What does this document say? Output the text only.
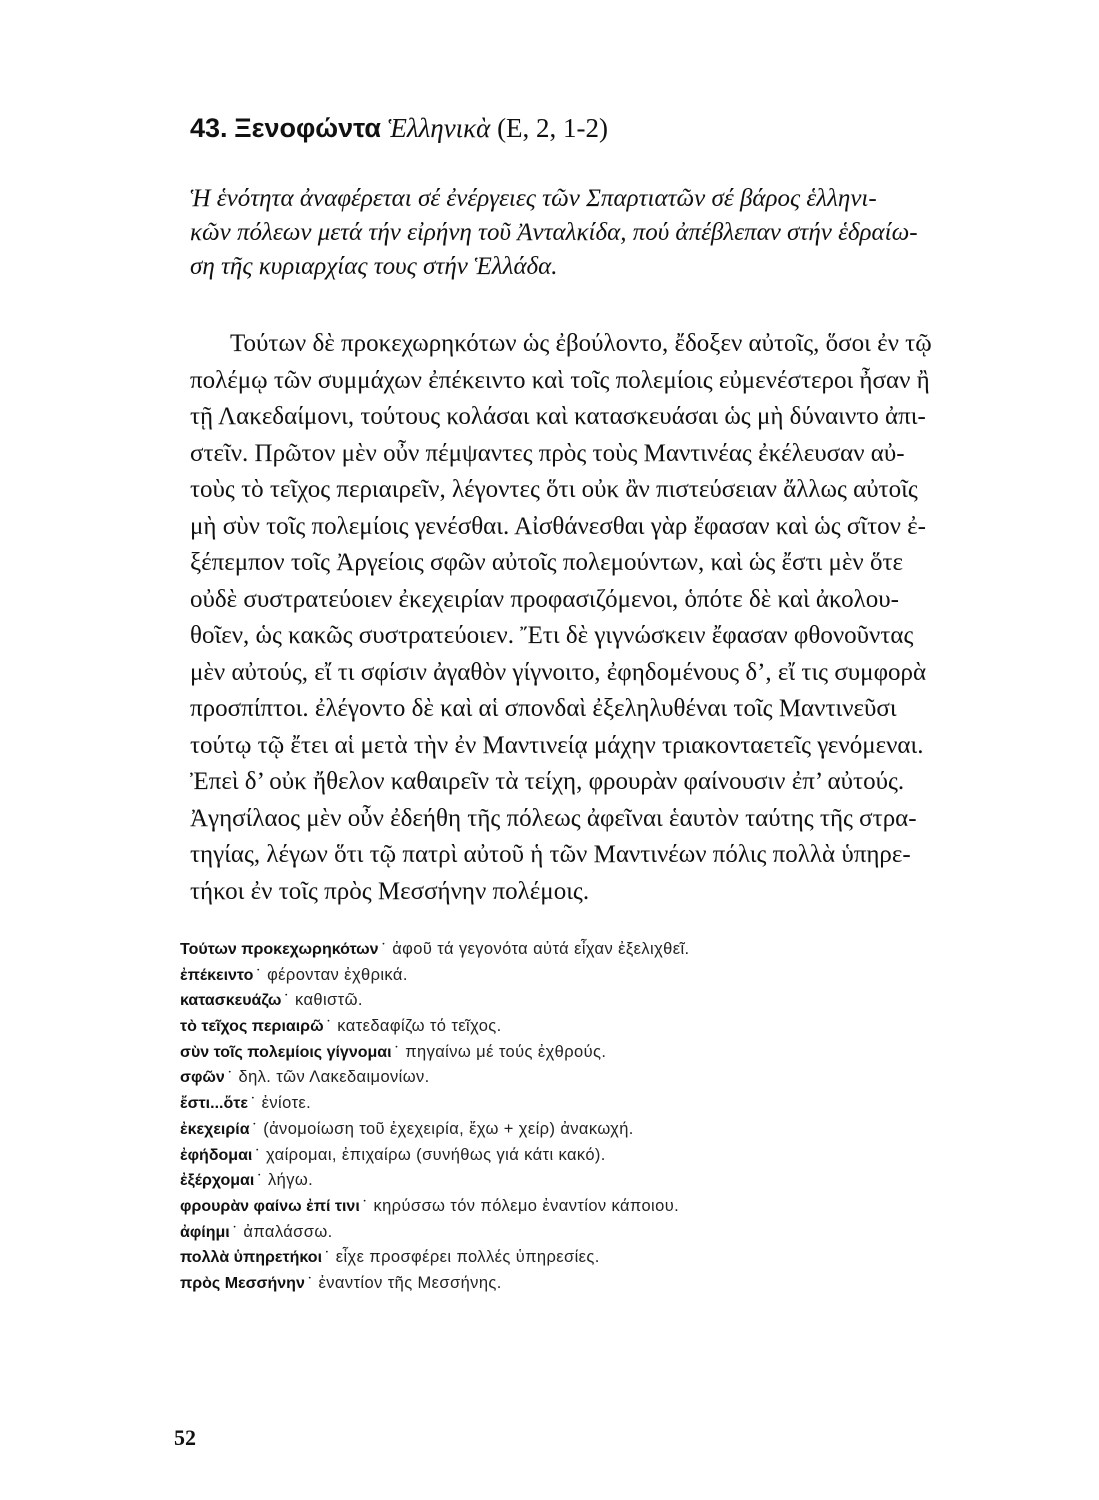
43. Ξενοφώντα Ἑλληνικὰ (Ε, 2, 1-2)
Ἡ ἑνότητα ἀναφέρεται σέ ἐνέργειες τῶν Σπαρτιατῶν σέ βάρος ἑλληνι-
κῶν πόλεων μετά τήν εἰρήνη τοῦ Ἀνταλκίδα, πού ἀπέβλεπαν στήν ἑδραίω-
ση τῆς κυριαρχίας τους στήν Ἑλλάδα.
Τούτων δὲ προκεχωρηκότων ὡς ἐβούλοντο, ἔδοξεν αὐτοῖς, ὅσοι ἐν τῷ
πολέμῳ τῶν συμμάχων ἐπέκειντο καὶ τοῖς πολεμίοις εὐμενέστεροι ἦσαν ἢ
τῇ Λακεδαίμονι, τούτους κολάσαι καὶ κατασκευάσαι ὡς μὴ δύναιντο ἀπι-
στεῖν. Πρῶτον μὲν οὖν πέμψαντες πρὸς τοὺς Μαντινέας ἐκέλευσαν αὐ-
τοὺς τὸ τεῖχος περιαιρεῖν, λέγοντες ὅτι οὐκ ἂν πιστεύσειαν ἄλλως αὐτοῖς
μὴ σὺν τοῖς πολεμίοις γενέσθαι. Αἰσθάνεσθαι γὰρ ἔφασαν καὶ ὡς σῖτον ἐ-
ξέπεμπον τοῖς Ἀργείοις σφῶν αὐτοῖς πολεμούντων, καὶ ὡς ἔστι μὲν ὅτε
οὐδὲ συστρατεύοιεν ἐκεχειρίαν προφασιζόμενοι, ὁπότε δὲ καὶ ἀκολου-
θοῖεν, ὡς κακῶς συστρατεύοιεν. Ἔτι δὲ γιγνώσκειν ἔφασαν φθονοῦντας
μὲν αὐτούς, εἴ τι σφίσιν ἀγαθὸν γίγνοιτο, ἐφηδομένους δ’, εἴ τις συμφορὰ
προσπίπτοι. ἐλέγοντο δὲ καὶ αἱ σπονδαὶ ἐξεληλυθέναι τοῖς Μαντινεῦσι
τούτῳ τῷ ἔτει αἱ μετὰ τὴν ἐν Μαντινείᾳ μάχην τριακονταετεῖς γενόμεναι.
Ἐπεὶ δ’ οὐκ ἤθελον καθαιρεῖν τὰ τείχη, φρουρὰν φαίνουσιν ἐπ’ αὐτούς.
Ἀγησίλαος μὲν οὖν ἐδεήθη τῆς πόλεως ἀφεῖναι ἑαυτὸν ταύτης τῆς στρα-
τηγίας, λέγων ὅτι τῷ πατρὶ αὐτοῦ ἡ τῶν Μαντινέων πόλις πολλὰ ὑπηρε-
τήκοι ἐν τοῖς πρὸς Μεσσήνην πολέμοις.
Τούτων προκεχωρηκότων ˙ ἀφοῦ τά γεγονότα αὐτά εἶχαν ἐξελιχθεῖ.
ἐπέκειντο ˙ φέρονταν ἐχθρικά.
κατασκευάζω ˙ καθιστῶ.
τὸ τεῖχος περιαιρῶ ˙ κατεδαφίζω τό τεῖχος.
σὺν τοῖς πολεμίοις γίγνομαι ˙ πηγαίνω μέ τούς ἐχθρούς.
σφῶν ˙ δηλ. τῶν Λακεδαιμονίων.
ἔστι...ὅτε ˙ ἐνίοτε.
ἐκεχειρία ˙ (ἀνομοίωση τοῦ ἐχεχειρία, ἔχω + χείρ) ἀνακωχή.
ἐφήδομαι ˙ χαίρομαι, ἐπιχαίρω (συνήθως γιά κάτι κακό).
ἐξέρχομαι ˙ λήγω.
φρουρὰν φαίνω ἐπί τινι ˙ κηρύσσω τόν πόλεμο ἐναντίον κάποιου.
ἀφίημι ˙ ἀπαλάσσω.
πολλὰ ὑπηρετήκοι ˙ εἶχε προσφέρει πολλές ὑπηρεσίες.
πρὸς Μεσσήνην ˙ ἐναντίον τῆς Μεσσήνης.
52
